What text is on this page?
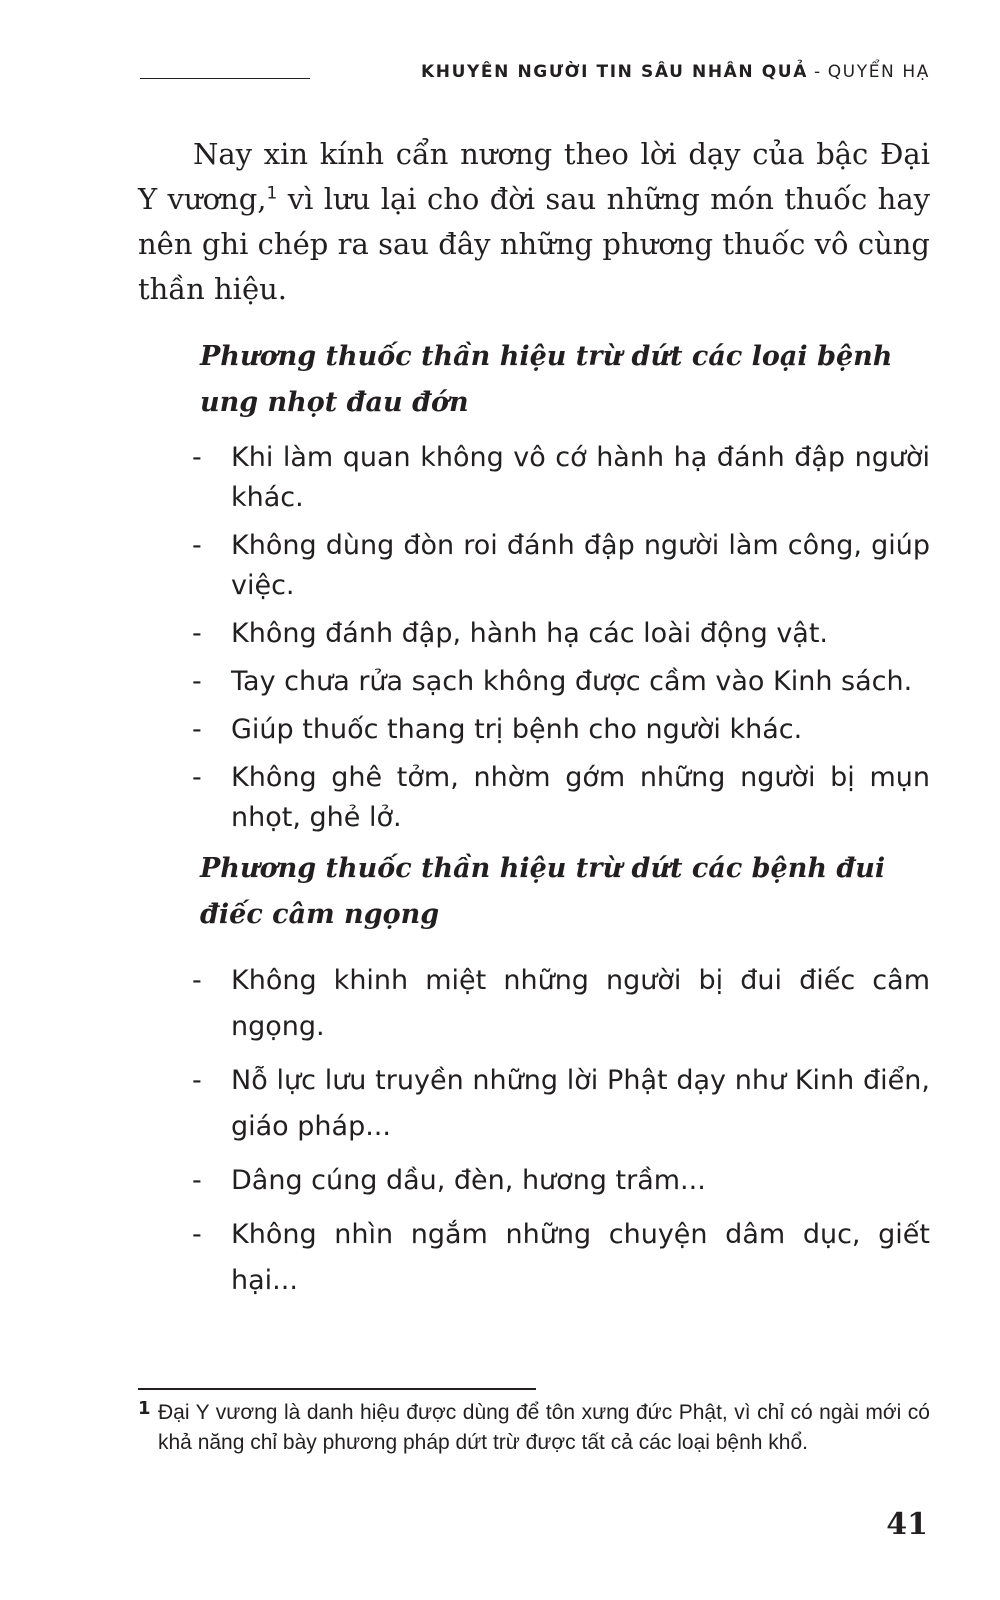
KHUYÊN NGƯỜI TIN SÂU NHÂN QUẢ - QUYỂN HẠ

Nay xin kính cẩn nương theo lời dạy của bậc Đại Y vương,$^1$ vì lưu lại cho đời sau những món thuốc hay nên ghi chép ra sau đây những phương thuốc vô cùng thần hiệu.

Phương thuốc thần hiệu trừ dứt các loại bệnh ung nhọt đau đớn
- Khi làm quan không vô cớ hành hạ đánh đập người khác.
- Không dùng đòn roi đánh đập người làm công, giúp việc.
- Không đánh đập, hành hạ các loài động vật.
- Tay chưa rửa sạch không được cầm vào Kinh sách.
- Giúp thuốc thang trị bệnh cho người khác.
- Không ghê tởm, nhờm gớm những người bị mụn nhọt, ghẻ lở.
Phương thuốc thần hiệu trừ dứt các bệnh đui điếc câm ngọng
- Không khinh miệt những người bị đui điếc câm ngọng.
- Nỗ lực lưu truyền những lời Phật dạy như Kinh điển, giáo pháp...
- Dâng cúng dầu, đèn, hương trầm...
- Không nhìn ngắm những chuyện dâm dục, giết hại...
1 Đại Y vương là danh hiệu được dùng để tôn xưng đức Phật, vì chỉ có ngài mới có khả năng chỉ bày phương pháp dứt trừ được tất cả các loại bệnh khổ.
41
